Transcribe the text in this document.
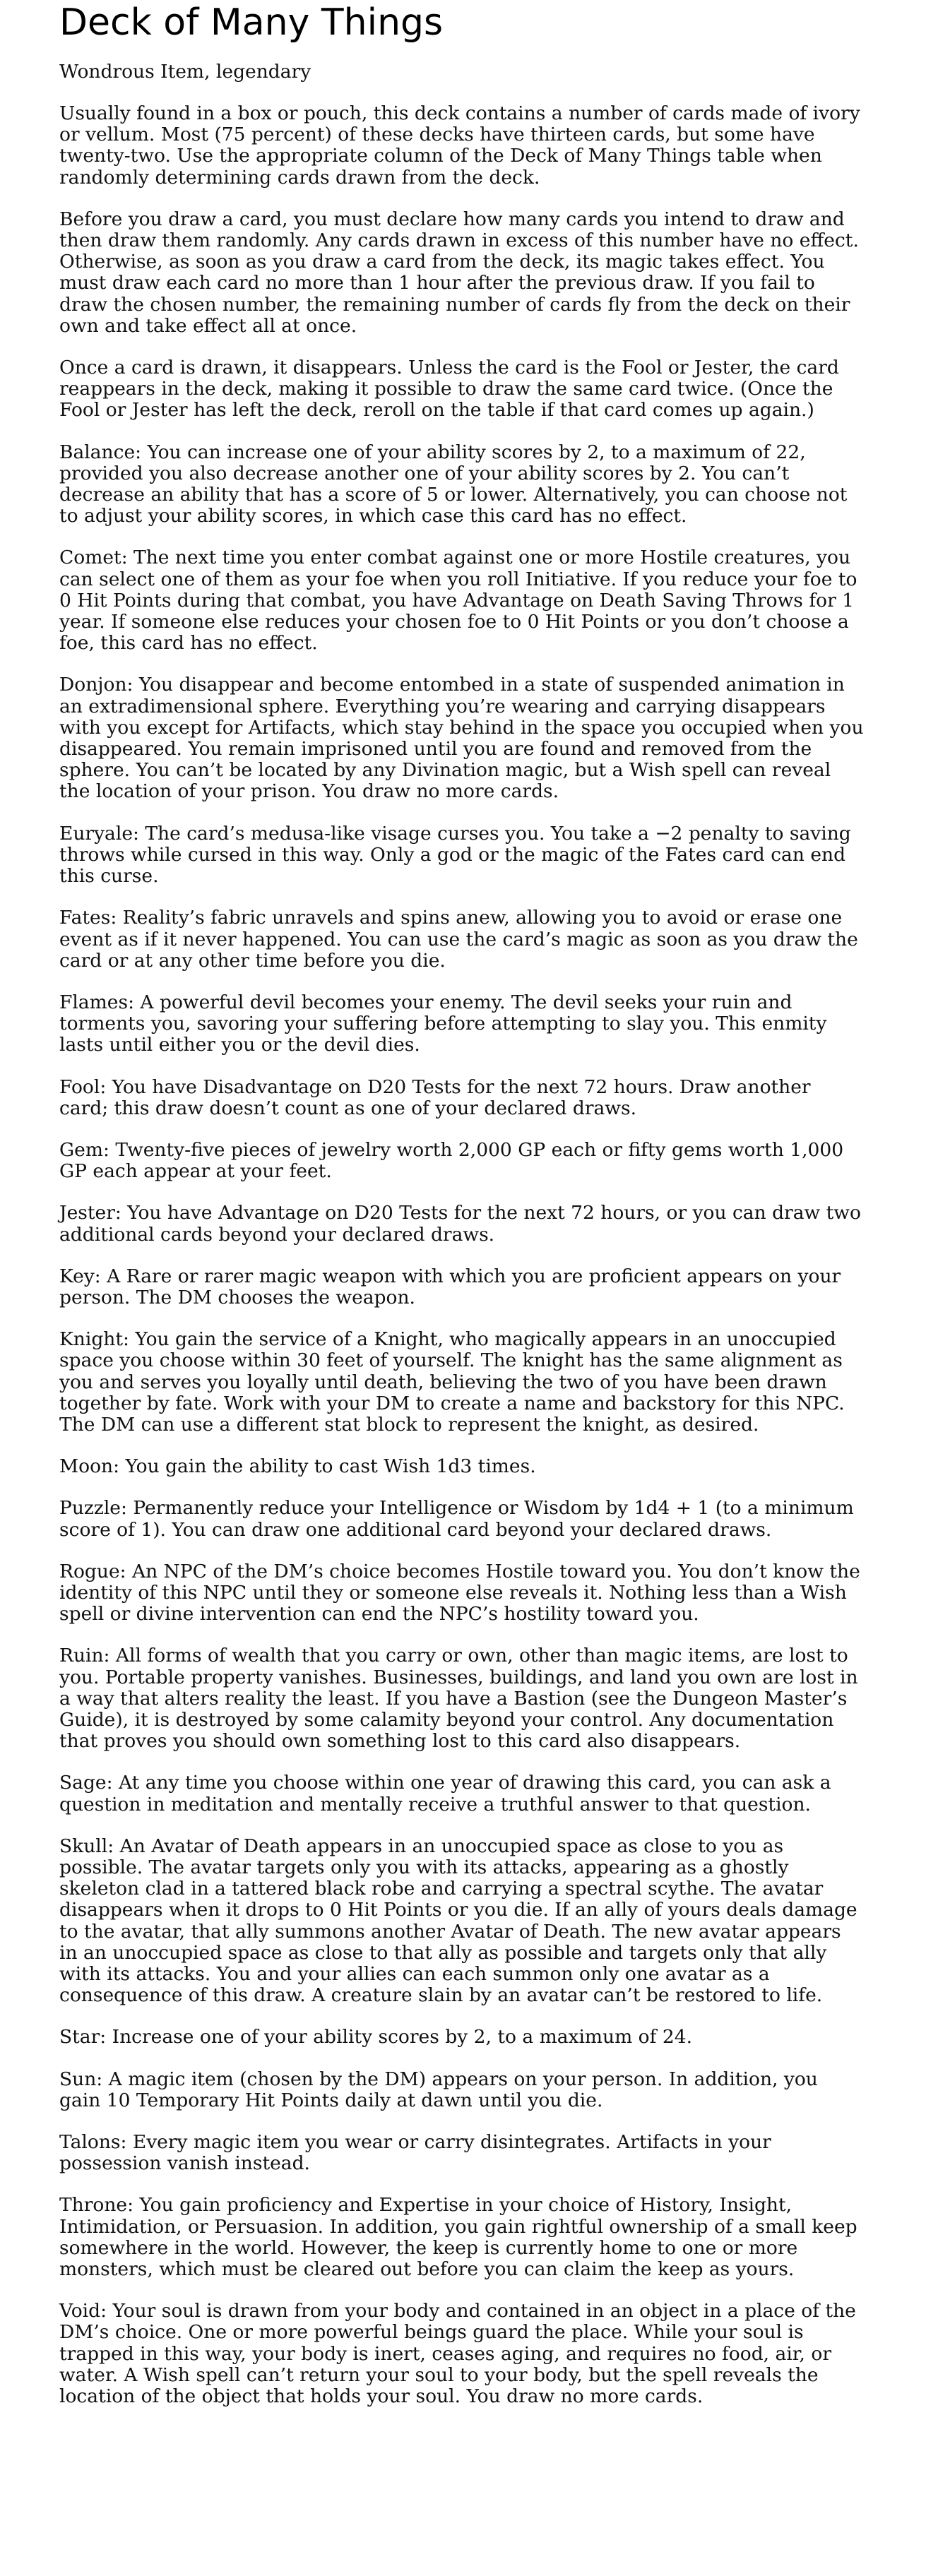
Deck of Many Things
Wondrous Item, legendary
Usually found in a box or pouch, this deck contains a number of cards made of ivory
or vellum. Most (75 percent) of these decks have thirteen cards, but some have
twenty-two. Use the appropriate column of the Deck of Many Things table when
randomly determining cards drawn from the deck.
Before you draw a card, you must declare how many cards you intend to draw and
then draw them randomly. Any cards drawn in excess of this number have no effect.
Otherwise, as soon as you draw a card from the deck, its magic takes effect. You
must draw each card no more than 1 hour after the previous draw. If you fail to
draw the chosen number, the remaining number of cards fly from the deck on their
own and take effect all at once.
Once a card is drawn, it disappears. Unless the card is the Fool or Jester, the card
reappears in the deck, making it possible to draw the same card twice. (Once the
Fool or Jester has left the deck, reroll on the table if that card comes up again.)
Balance: You can increase one of your ability scores by 2, to a maximum of 22,
provided you also decrease another one of your ability scores by 2. You can’t
decrease an ability that has a score of 5 or lower. Alternatively, you can choose not
to adjust your ability scores, in which case this card has no effect.
Comet: The next time you enter combat against one or more Hostile creatures, you
can select one of them as your foe when you roll Initiative. If you reduce your foe to
0 Hit Points during that combat, you have Advantage on Death Saving Throws for 1
year. If someone else reduces your chosen foe to 0 Hit Points or you don’t choose a
foe, this card has no effect.
Donjon: You disappear and become entombed in a state of suspended animation in
an extradimensional sphere. Everything you’re wearing and carrying disappears
with you except for Artifacts, which stay behind in the space you occupied when you
disappeared. You remain imprisoned until you are found and removed from the
sphere. You can’t be located by any Divination magic, but a Wish spell can reveal
the location of your prison. You draw no more cards.
Euryale: The card’s medusa-like visage curses you. You take a −2 penalty to saving
throws while cursed in this way. Only a god or the magic of the Fates card can end
this curse.
Fates: Reality’s fabric unravels and spins anew, allowing you to avoid or erase one
event as if it never happened. You can use the card’s magic as soon as you draw the
card or at any other time before you die.
Flames: A powerful devil becomes your enemy. The devil seeks your ruin and
torments you, savoring your suffering before attempting to slay you. This enmity
lasts until either you or the devil dies.
Fool: You have Disadvantage on D20 Tests for the next 72 hours. Draw another
card; this draw doesn’t count as one of your declared draws.
Gem: Twenty-five pieces of jewelry worth 2,000 GP each or fifty gems worth 1,000
GP each appear at your feet.
Jester: You have Advantage on D20 Tests for the next 72 hours, or you can draw two
additional cards beyond your declared draws.
Key: A Rare or rarer magic weapon with which you are proficient appears on your
person. The DM chooses the weapon.
Knight: You gain the service of a Knight, who magically appears in an unoccupied
space you choose within 30 feet of yourself. The knight has the same alignment as
you and serves you loyally until death, believing the two of you have been drawn
together by fate. Work with your DM to create a name and backstory for this NPC.
The DM can use a different stat block to represent the knight, as desired.
Moon: You gain the ability to cast Wish 1d3 times.
Puzzle: Permanently reduce your Intelligence or Wisdom by 1d4 + 1 (to a minimum
score of 1). You can draw one additional card beyond your declared draws.
Rogue: An NPC of the DM’s choice becomes Hostile toward you. You don’t know the
identity of this NPC until they or someone else reveals it. Nothing less than a Wish
spell or divine intervention can end the NPC’s hostility toward you.
Ruin: All forms of wealth that you carry or own, other than magic items, are lost to
you. Portable property vanishes. Businesses, buildings, and land you own are lost in
a way that alters reality the least. If you have a Bastion (see the Dungeon Master’s
Guide), it is destroyed by some calamity beyond your control. Any documentation
that proves you should own something lost to this card also disappears.
Sage: At any time you choose within one year of drawing this card, you can ask a
question in meditation and mentally receive a truthful answer to that question.
Skull: An Avatar of Death appears in an unoccupied space as close to you as
possible. The avatar targets only you with its attacks, appearing as a ghostly
skeleton clad in a tattered black robe and carrying a spectral scythe. The avatar
disappears when it drops to 0 Hit Points or you die. If an ally of yours deals damage
to the avatar, that ally summons another Avatar of Death. The new avatar appears
in an unoccupied space as close to that ally as possible and targets only that ally
with its attacks. You and your allies can each summon only one avatar as a
consequence of this draw. A creature slain by an avatar can’t be restored to life.
Star: Increase one of your ability scores by 2, to a maximum of 24.
Sun: A magic item (chosen by the DM) appears on your person. In addition, you
gain 10 Temporary Hit Points daily at dawn until you die.
Talons: Every magic item you wear or carry disintegrates. Artifacts in your
possession vanish instead.
Throne: You gain proficiency and Expertise in your choice of History, Insight,
Intimidation, or Persuasion. In addition, you gain rightful ownership of a small keep
somewhere in the world. However, the keep is currently home to one or more
monsters, which must be cleared out before you can claim the keep as yours.
Void: Your soul is drawn from your body and contained in an object in a place of the
DM’s choice. One or more powerful beings guard the place. While your soul is
trapped in this way, your body is inert, ceases aging, and requires no food, air, or
water. A Wish spell can’t return your soul to your body, but the spell reveals the
location of the object that holds your soul. You draw no more cards.
